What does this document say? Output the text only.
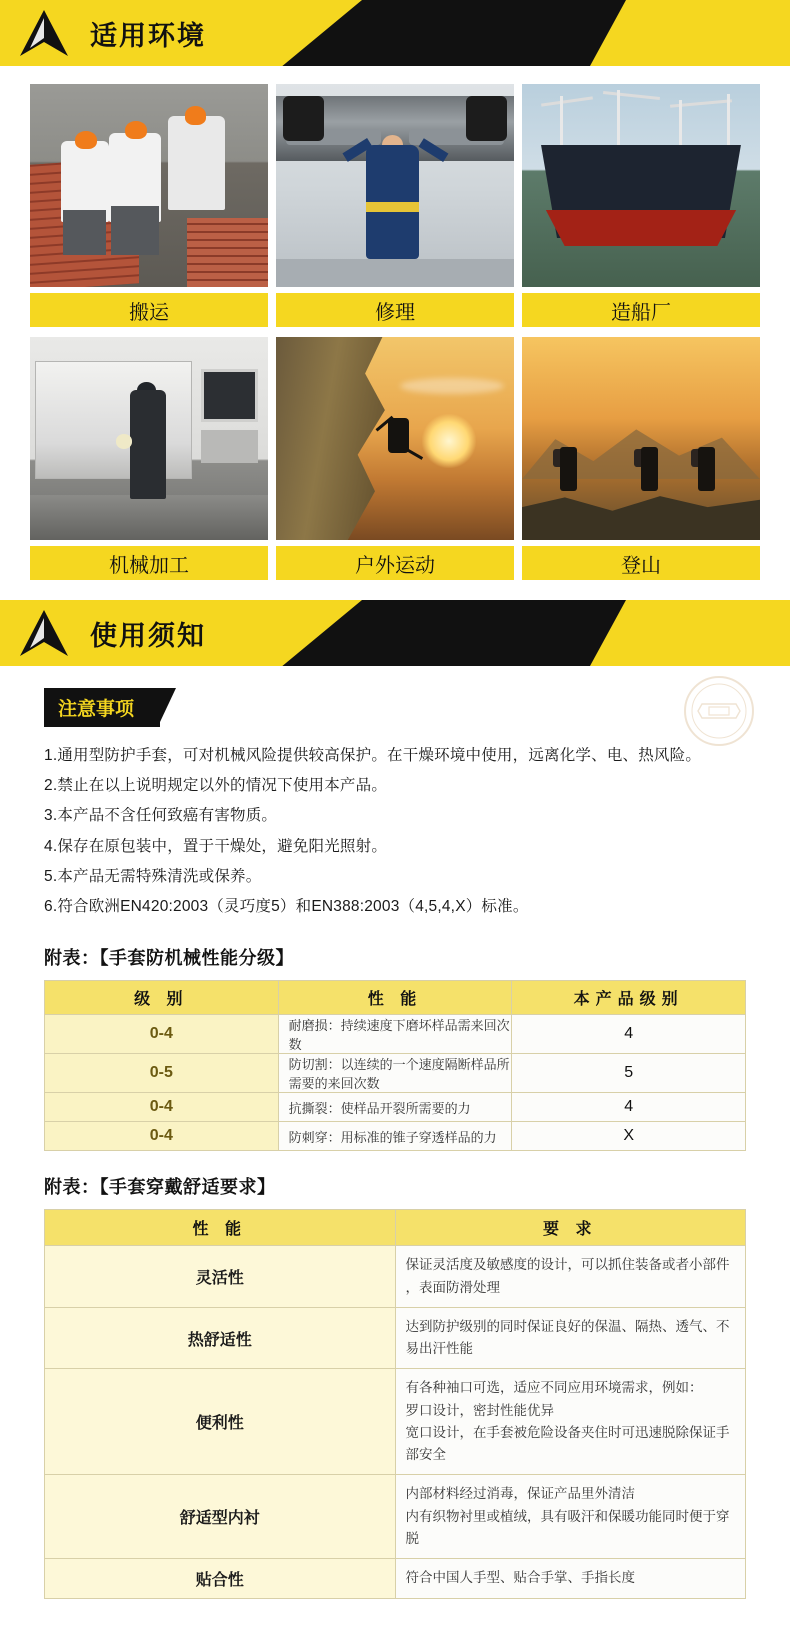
适用环境
搬运	修理	造船厂
机械加工	户外运动	登山
使用须知
注意事项
1.通用型防护手套，可对机械风险提供较高保护。在干燥环境中使用，远离化学、电、热风险。
2.禁止在以上说明规定以外的情况下使用本产品。
3.本产品不含任何致癌有害物质。
4.保存在原包装中，置于干燥处，避免阳光照射。
5.本产品无需特殊清洗或保养。
6.符合欧洲EN420:2003（灵巧度5）和EN388:2003（4,5,4,X）标准。
附表：【手套防机械性能分级】
级 别	性 能	本产品级别
0-4	耐磨损：持续速度下磨坏样品需来回次数	4
0-5	防切割：以连续的一个速度隔断样品所需要的来回次数	5
0-4	抗撕裂：使样品开裂所需要的力	4
0-4	防刺穿：用标准的锥子穿透样品的力	X
附表：【手套穿戴舒适要求】
性 能	要 求
灵活性	保证灵活度及敏感度的设计，可以抓住装备或者小部件
，表面防滑处理
热舒适性	达到防护级别的同时保证良好的保温、隔热、透气、不
易出汗性能
便利性	有各种袖口可选，适应不同应用环境需求，例如：
罗口设计，密封性能优异
宽口设计，在手套被危险设备夹住时可迅速脱除保证手部安全
舒适型内衬	内部材料经过消毒，保证产品里外清洁
内有织物衬里或植绒，具有吸汗和保暖功能同时便于穿脱
贴合性	符合中国人手型、贴合手掌、手指长度
